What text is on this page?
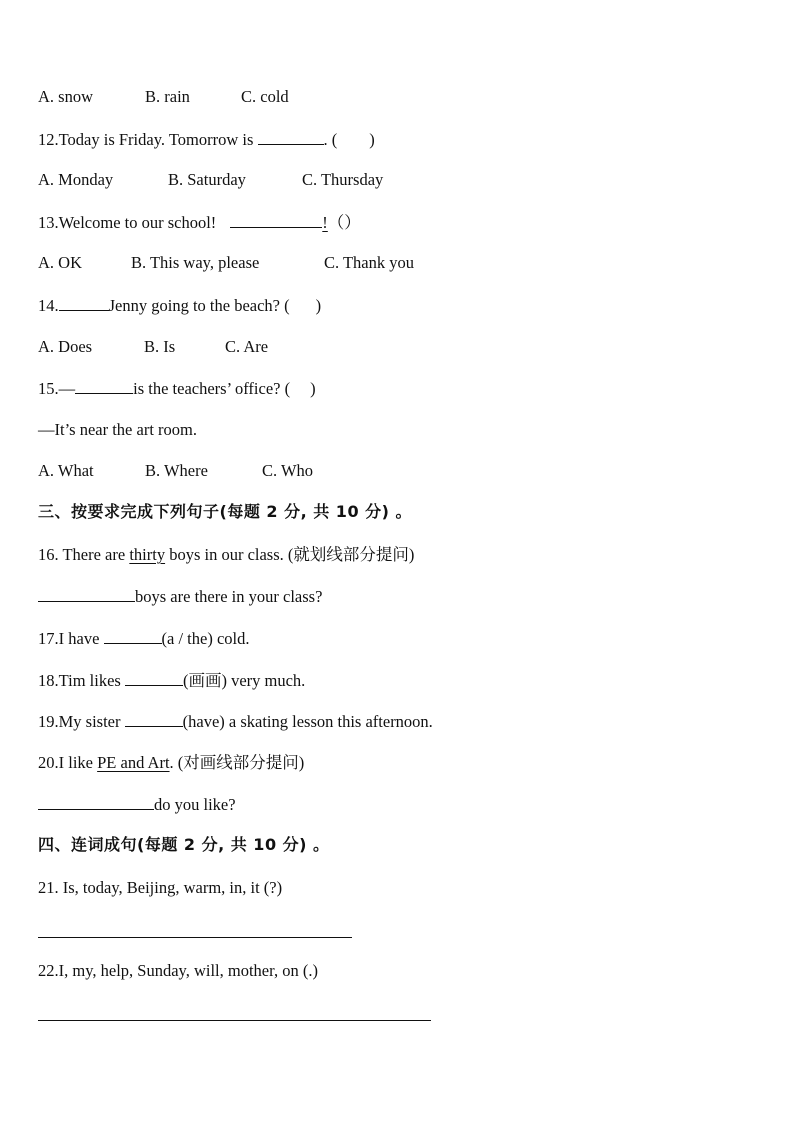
A. snow	B. rain	C. cold
12.Today is Friday. Tomorrow is	. ( )
A. Monday	B. Saturday	C. Thursday
13.Welcome to our school!	!（）
A. OK	B. This way, please	C. Thank you
14.	Jenny going to the beach? ( )
A. Does	B. Is	C. Are
15.—	is the teachers’ office? ( )
—It’s near the art room.
A. What	B. Where	C. Who
三、按要求完成下列句子(每题 2 分, 共 10 分) 。
16. There are thirty boys in our class. (就划线部分提问)
boys are there in your class?
17.I have	(a / the) cold.
18.Tim likes	(画画) very much.
19.My sister	(have) a skating lesson this afternoon.
20.I like PE and Art. (对画线部分提问)
do you like?
四、连词成句(每题 2 分, 共 10 分) 。
21. Is, today, Beijing, warm, in, it (?)
22.I, my, help, Sunday, will, mother, on (.)
